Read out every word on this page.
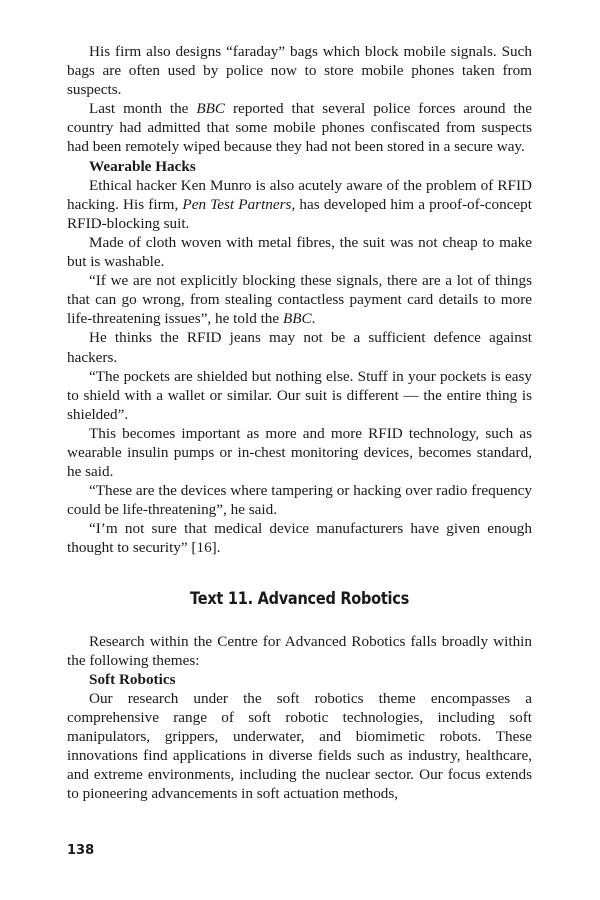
His firm also designs “faraday” bags which block mobile signals. Such bags are often used by police now to store mobile phones taken from suspects.

Last month the BBC reported that several police forces around the country had admitted that some mobile phones confiscated from suspects had been remotely wiped because they had not been stored in a secure way.

Wearable Hacks

Ethical hacker Ken Munro is also acutely aware of the problem of RFID hacking. His firm, Pen Test Partners, has developed him a proof-of-concept RFID-blocking suit.

Made of cloth woven with metal fibres, the suit was not cheap to make but is washable.

“If we are not explicitly blocking these signals, there are a lot of things that can go wrong, from stealing contactless payment card details to more life-threatening issues”, he told the BBC.

He thinks the RFID jeans may not be a sufficient defence against hackers.

“The pockets are shielded but nothing else. Stuff in your pockets is easy to shield with a wallet or similar. Our suit is different — the entire thing is shielded”.

This becomes important as more and more RFID technology, such as wearable insulin pumps or in-chest monitoring devices, becomes standard, he said.

“These are the devices where tampering or hacking over radio frequency could be life-threatening”, he said.

“I’m not sure that medical device manufacturers have given enough thought to security” [16].

Text 11. Advanced Robotics

Research within the Centre for Advanced Robotics falls broadly within the following themes:

Soft Robotics

Our research under the soft robotics theme encompasses a comprehensive range of soft robotic technologies, including soft manipulators, grippers, underwater, and biomimetic robots. These innovations find applications in diverse fields such as industry, healthcare, and extreme environments, including the nuclear sector. Our focus extends to pioneering advancements in soft actuation methods,

138
